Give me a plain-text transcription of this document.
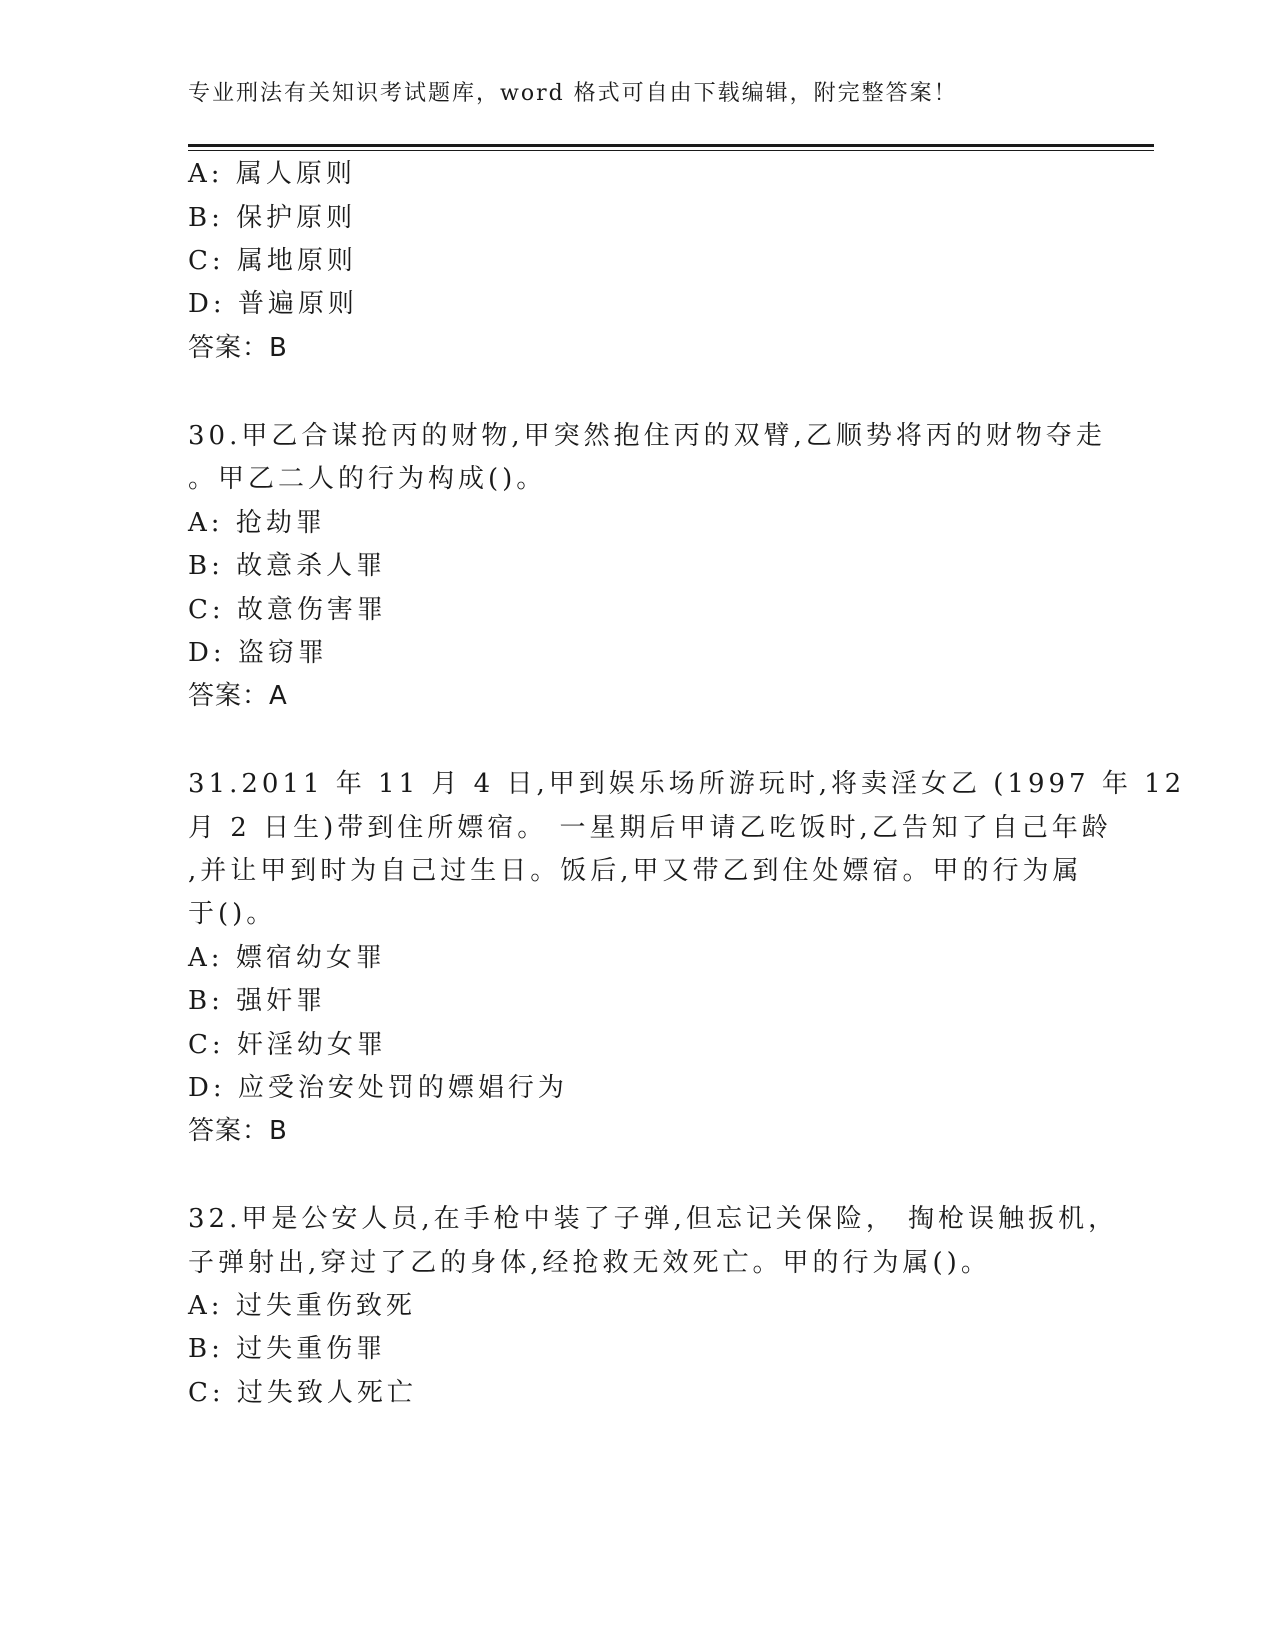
专业刑法有关知识考试题库，word 格式可自由下载编辑，附完整答案！
A: 属人原则
B: 保护原则
C: 属地原则
D: 普遍原则
答案：B
30.甲乙合谋抢丙的财物,甲突然抱住丙的双臂,乙顺势将丙的财物夺走
。甲乙二人的行为构成()。
A: 抢劫罪
B: 故意杀人罪
C: 故意伤害罪
D: 盗窃罪
答案：A
31.2011 年 11 月 4 日,甲到娱乐场所游玩时,将卖淫女乙 (1997 年 12
月 2 日生)带到住所嫖宿。 一星期后甲请乙吃饭时,乙告知了自己年龄
,并让甲到时为自己过生日。饭后,甲又带乙到住处嫖宿。甲的行为属
于()。
A: 嫖宿幼女罪
B: 强奸罪
C: 奸淫幼女罪
D: 应受治安处罚的嫖娼行为
答案：B
32.甲是公安人员,在手枪中装了子弹,但忘记关保险， 掏枪误触扳机，
子弹射出,穿过了乙的身体,经抢救无效死亡。甲的行为属()。
A: 过失重伤致死
B: 过失重伤罪
C: 过失致人死亡
